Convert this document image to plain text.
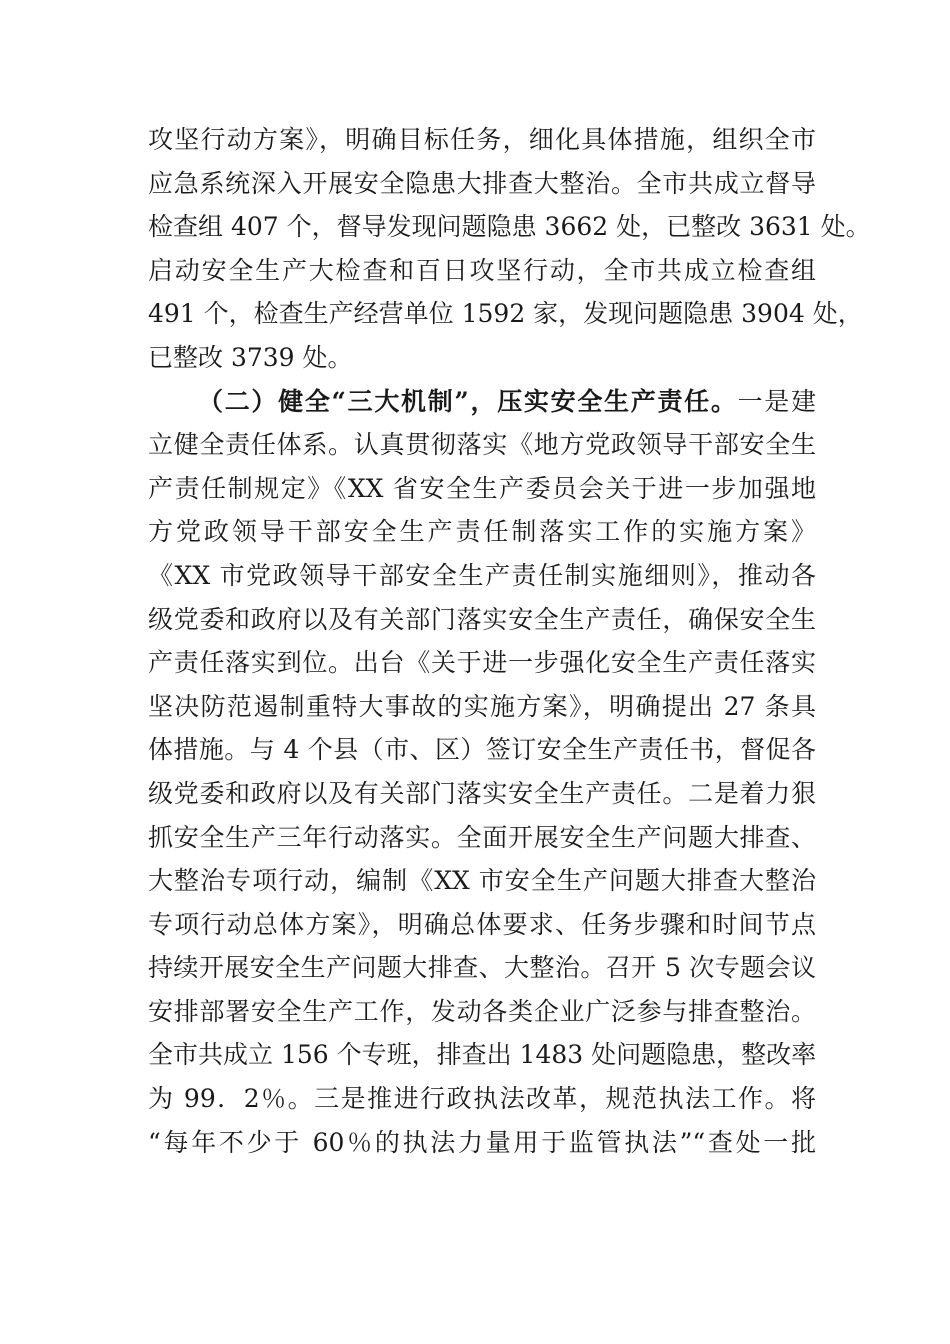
攻坚行动方案》，明确目标任务，细化具体措施，组织全市
应急系统深入开展安全隐患大排查大整治。全市共成立督导
检查组 407 个，督导发现问题隐患 3662 处，已整改 3631 处。
启动安全生产大检查和百日攻坚行动，全市共成立检查组
491 个，检查生产经营单位 1592 家，发现问题隐患 3904 处，
已整改 3739 处。
（二）健全“三大机制”，压实安全生产责任。一是建
立健全责任体系。认真贯彻落实《地方党政领导干部安全生
产责任制规定》《XX 省安全生产委员会关于进一步加强地
方党政领导干部安全生产责任制落实工作的实施方案》
《XX 市党政领导干部安全生产责任制实施细则》，推动各
级党委和政府以及有关部门落实安全生产责任，确保安全生
产责任落实到位。出台《关于进一步强化安全生产责任落实
坚决防范遏制重特大事故的实施方案》，明确提出 27 条具
体措施。与 4 个县（市、区）签订安全生产责任书，督促各
级党委和政府以及有关部门落实安全生产责任。二是着力狠
抓安全生产三年行动落实。全面开展安全生产问题大排查、
大整治专项行动，编制《XX 市安全生产问题大排查大整治
专项行动总体方案》，明确总体要求、任务步骤和时间节点
持续开展安全生产问题大排查、大整治。召开 5 次专题会议
安排部署安全生产工作，发动各类企业广泛参与排查整治。
全市共成立 156 个专班，排查出 1483 处问题隐患，整改率
为 99．2％。三是推进行政执法改革，规范执法工作。将
“每年不少于 60％的执法力量用于监管执法”“查处一批
